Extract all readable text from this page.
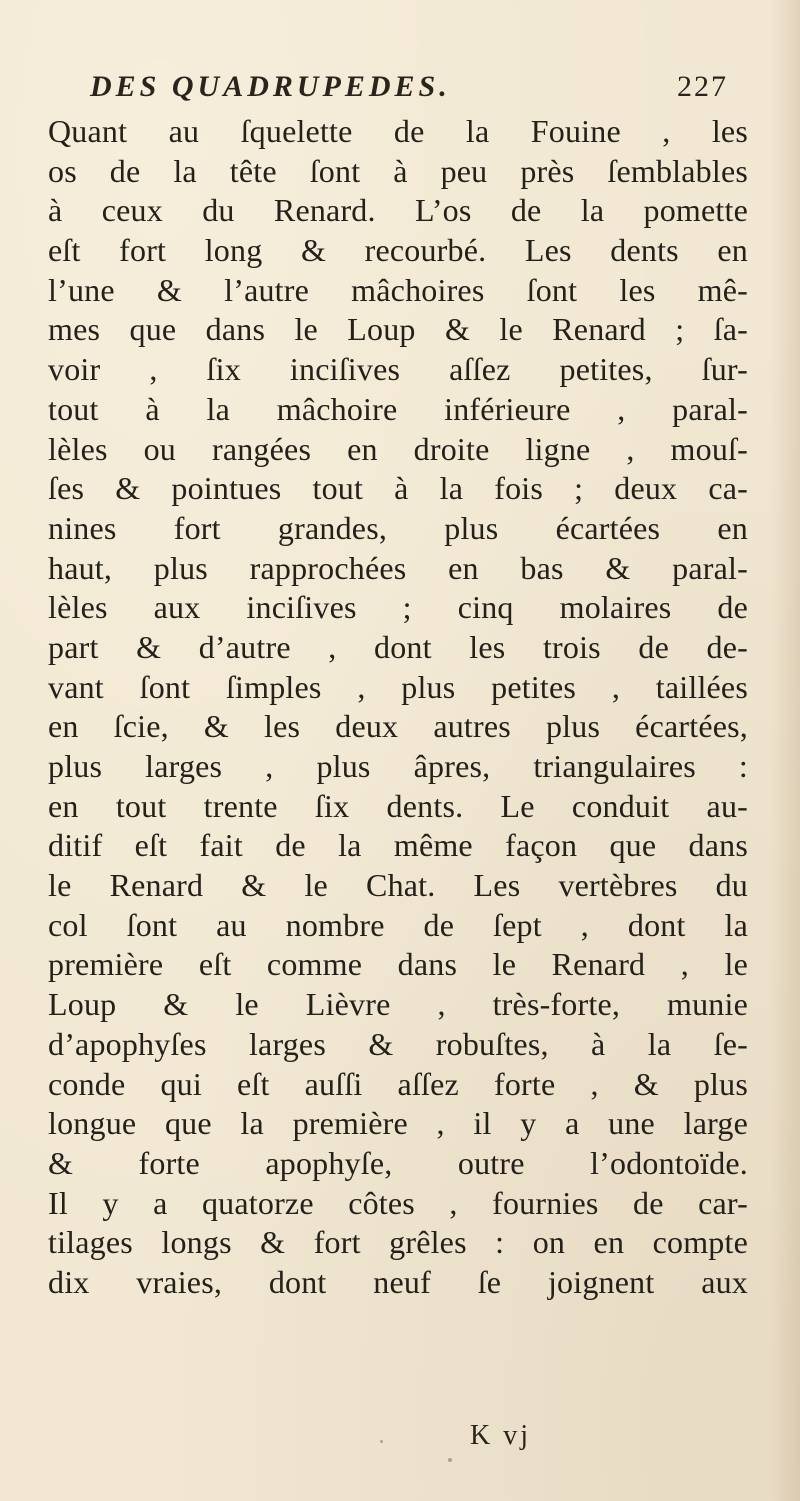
DES QUADRUPEDES.	227
Quant au ſquelette de la Fouine , les
os de la tête ſont à peu près ſemblables
à ceux du Renard. L’os de la pomette
eſt fort long & recourbé. Les dents en
l’une & l’autre mâchoires ſont les mê-
mes que dans le Loup & le Renard ; ſa-
voir , ſix inciſives aſſez petites, ſur-
tout à la mâchoire inférieure , paral-
lèles ou rangées en droite ligne , mouſ-
ſes & pointues tout à la fois ; deux ca-
nines fort grandes, plus écartées en
haut, plus rapprochées en bas & paral-
lèles aux inciſives ; cinq molaires de
part & d’autre , dont les trois de de-
vant ſont ſimples , plus petites , taillées
en ſcie, & les deux autres plus écartées,
plus larges , plus âpres, triangulaires :
en tout trente ſix dents. Le conduit au-
ditif eſt fait de la même façon que dans
le Renard & le Chat. Les vertèbres du
col ſont au nombre de ſept , dont la
première eſt comme dans le Renard , le
Loup & le Lièvre , très-forte, munie
d’apophyſes larges & robuſtes, à la ſe-
conde qui eſt auſſi aſſez forte , & plus
longue que la première , il y a une large
& forte apophyſe, outre l’odontoïde.
Il y a quatorze côtes , fournies de car-
tilages longs & fort grêles : on en compte
dix vraies, dont neuf ſe joignent aux
K vj
